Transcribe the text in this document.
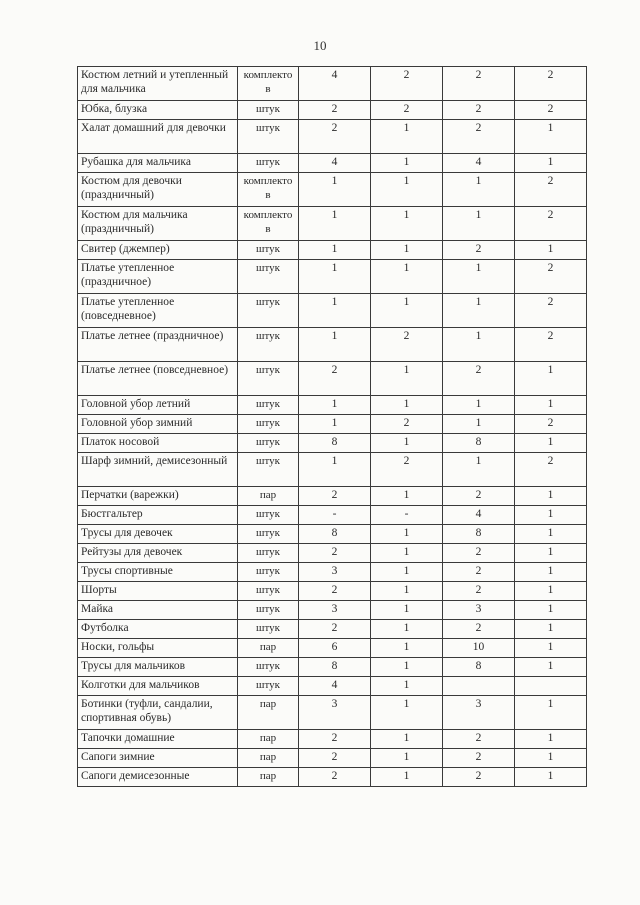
10
Костюм летний и утепленный для мальчика	комплекто в	4	2	2	2
Юбка, блузка	штук	2	2	2	2
Халат домашний для девочки	штук	2	1	2	1
Рубашка для мальчика	штук	4	1	4	1
Костюм для девочки (праздничный)	комплекто в	1	1	1	2
Костюм для мальчика (праздничный)	комплекто в	1	1	1	2
Свитер (джемпер)	штук	1	1	2	1
Платье утепленное (праздничное)	штук	1	1	1	2
Платье утепленное (повседневное)	штук	1	1	1	2
Платье летнее (праздничное)	штук	1	2	1	2
Платье летнее (повседневное)	штук	2	1	2	1
Головной убор летний	штук	1	1	1	1
Головной убор зимний	штук	1	2	1	2
Платок носовой	штук	8	1	8	1
Шарф зимний, демисезонный	штук	1	2	1	2
Перчатки (варежки)	пар	2	1	2	1
Бюстгальтер	штук	-	-	4	1
Трусы для девочек	штук	8	1	8	1
Рейтузы для девочек	штук	2	1	2	1
Трусы спортивные	штук	3	1	2	1
Шорты	штук	2	1	2	1
Майка	штук	3	1	3	1
Футболка	штук	2	1	2	1
Носки, гольфы	пар	6	1	10	1
Трусы для мальчиков	штук	8	1	8	1
Колготки для мальчиков	штук	4	1		
Ботинки (туфли, сандалии, спортивная обувь)	пар	3	1	3	1
Тапочки домашние	пар	2	1	2	1
Сапоги зимние	пар	2	1	2	1
Сапоги демисезонные	пар	2	1	2	1
